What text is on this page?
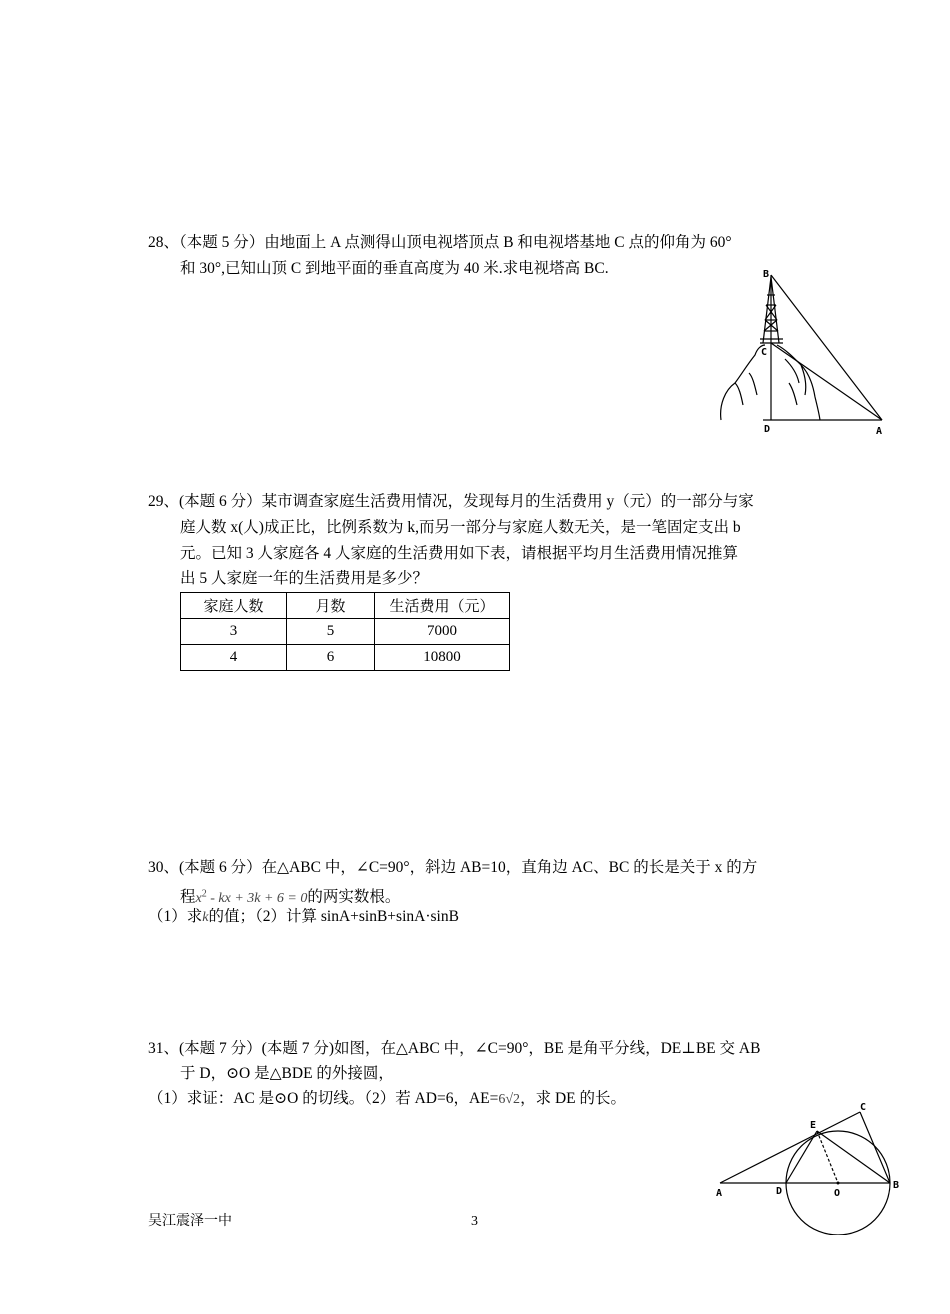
28、（本题 5 分）由地面上 A 点测得山顶电视塔顶点 B 和电视塔基地 C 点的仰角为 60°
和 30°,已知山顶 C 到地平面的垂直高度为 40 米.求电视塔高 BC.	B
C
D	A
29、(本题 6 分）某市调查家庭生活费用情况，发现每月的生活费用 y（元）的一部分与家
庭人数 x(人)成正比，比例系数为 k,而另一部分与家庭人数无关，是一笔固定支出 b
元。已知 3 人家庭各 4 人家庭的生活费用如下表，请根据平均月生活费用情况推算
出 5 人家庭一年的生活费用是多少？
家庭人数	月数	生活费用（元）
3	5	7000
4	6	10800
30、(本题 6 分）在△ABC 中，∠C=90°，斜边 AB=10，直角边 AC、BC 的长是关于 x 的方
程$x^2$ - kx + 3k + 6 = 0的两实数根。
（1）求k的值；（2）计算 sinA+sinB+sinA·sinB
31、(本题 7 分）(本题 7 分)如图，在△ABC 中，∠C=90°，BE 是角平分线，DE⊥BE 交 AB
于 D，⊙O 是△BDE 的外接圆，
（1）求证：AC 是⊙O 的切线。（2）若 AD=6，AE=6√2，求 DE 的长。
A	D	O
B
E
C
吴江震泽一中	3
